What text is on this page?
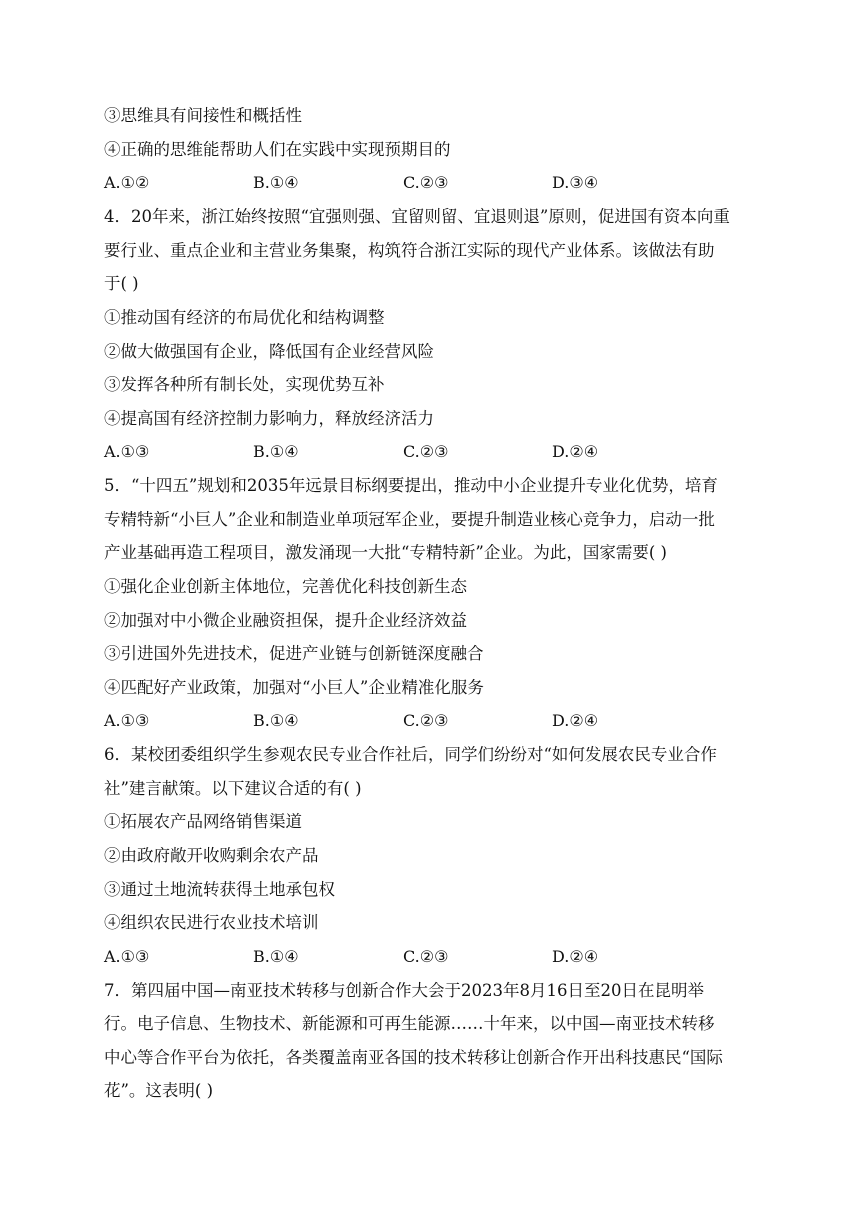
③思维具有间接性和概括性
④正确的思维能帮助人们在实践中实现预期目的
A.①②	B.①④	C.②③	D.③④
4．20年来，浙江始终按照“宜强则强、宜留则留、宜退则退”原则，促进国有资本向重
要行业、重点企业和主营业务集聚，构筑符合浙江实际的现代产业体系。该做法有助
于( )
①推动国有经济的布局优化和结构调整
②做大做强国有企业，降低国有企业经营风险
③发挥各种所有制长处，实现优势互补
④提高国有经济控制力影响力，释放经济活力
A.①③	B.①④	C.②③	D.②④
5．“十四五”规划和2035年远景目标纲要提出，推动中小企业提升专业化优势，培育
专精特新“小巨人”企业和制造业单项冠军企业，要提升制造业核心竞争力，启动一批
产业基础再造工程项目，激发涌现一大批“专精特新”企业。为此，国家需要( )
①强化企业创新主体地位，完善优化科技创新生态
②加强对中小微企业融资担保，提升企业经济效益
③引进国外先进技术，促进产业链与创新链深度融合
④匹配好产业政策，加强对“小巨人”企业精准化服务
A.①③	B.①④	C.②③	D.②④
6．某校团委组织学生参观农民专业合作社后，同学们纷纷对“如何发展农民专业合作
社”建言献策。以下建议合适的有( )
①拓展农产品网络销售渠道
②由政府敞开收购剩余农产品
③通过土地流转获得土地承包权
④组织农民进行农业技术培训
A.①③	B.①④	C.②③	D.②④
7．第四届中国—南亚技术转移与创新合作大会于2023年8月16日至20日在昆明举
行。电子信息、生物技术、新能源和可再生能源……十年来，以中国—南亚技术转移
中心等合作平台为依托，各类覆盖南亚各国的技术转移让创新合作开出科技惠民“国际
花”。这表明( )
